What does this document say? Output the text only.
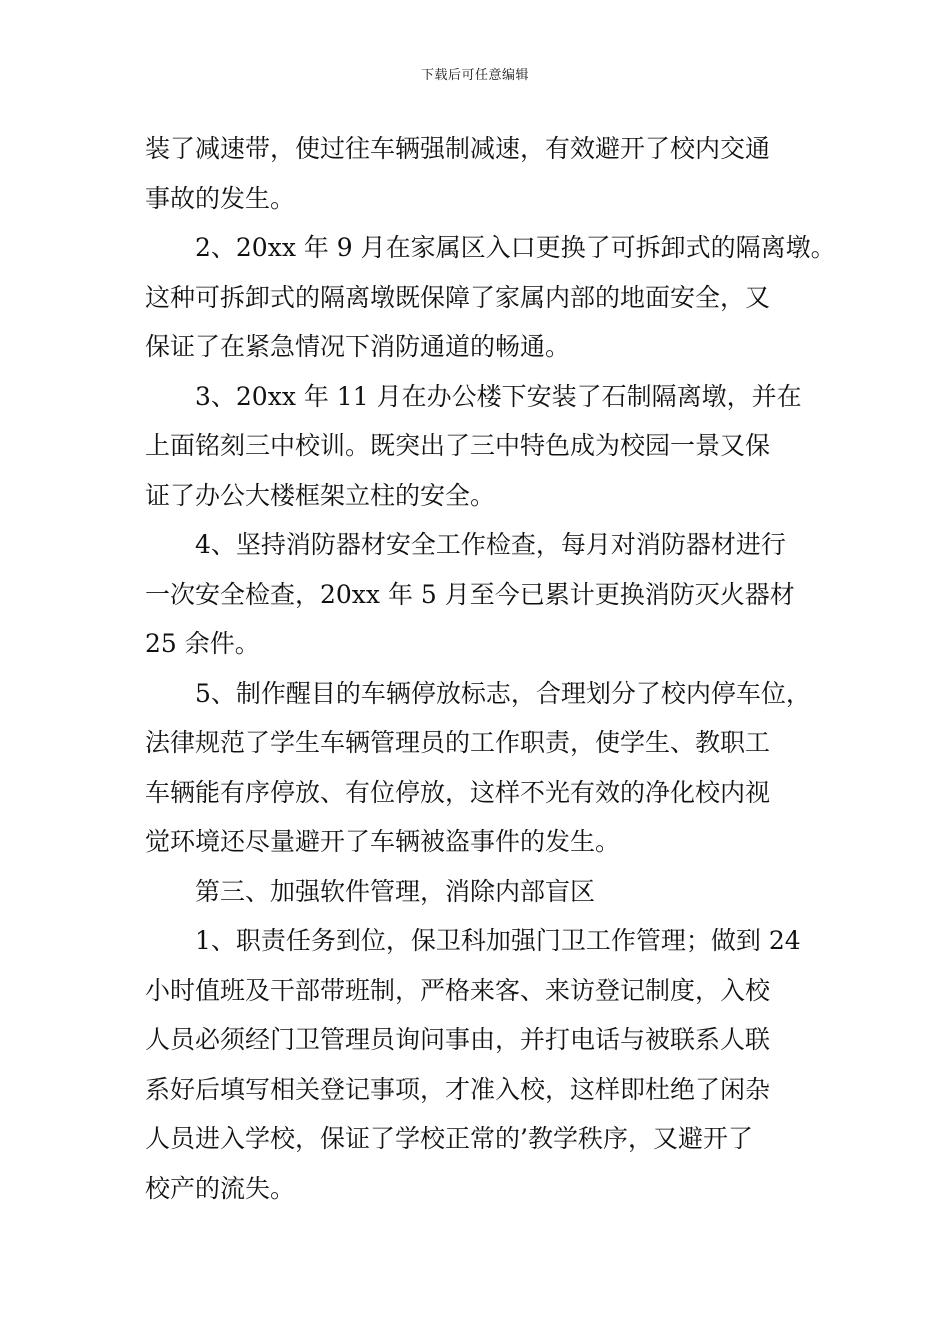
下载后可任意编辑
装了减速带，使过往车辆强制减速，有效避开了校内交通
事故的发生。
2、20xx 年 9 月在家属区入口更换了可拆卸式的隔离墩。
这种可拆卸式的隔离墩既保障了家属内部的地面安全，又
保证了在紧急情况下消防通道的畅通。
3、20xx 年 11 月在办公楼下安装了石制隔离墩，并在
上面铭刻三中校训。既突出了三中特色成为校园一景又保
证了办公大楼框架立柱的安全。
4、坚持消防器材安全工作检查，每月对消防器材进行
一次安全检查，20xx 年 5 月至今已累计更换消防灭火器材
25 余件。
5、制作醒目的车辆停放标志，合理划分了校内停车位，
法律规范了学生车辆管理员的工作职责，使学生、教职工
车辆能有序停放、有位停放，这样不光有效的净化校内视
觉环境还尽量避开了车辆被盗事件的发生。
第三、加强软件管理，消除内部盲区
1、职责任务到位，保卫科加强门卫工作管理；做到 24
小时值班及干部带班制，严格来客、来访登记制度，入校
人员必须经门卫管理员询问事由，并打电话与被联系人联
系好后填写相关登记事项，才准入校，这样即杜绝了闲杂
人员进入学校，保证了学校正常的’教学秩序，又避开了
校产的流失。
